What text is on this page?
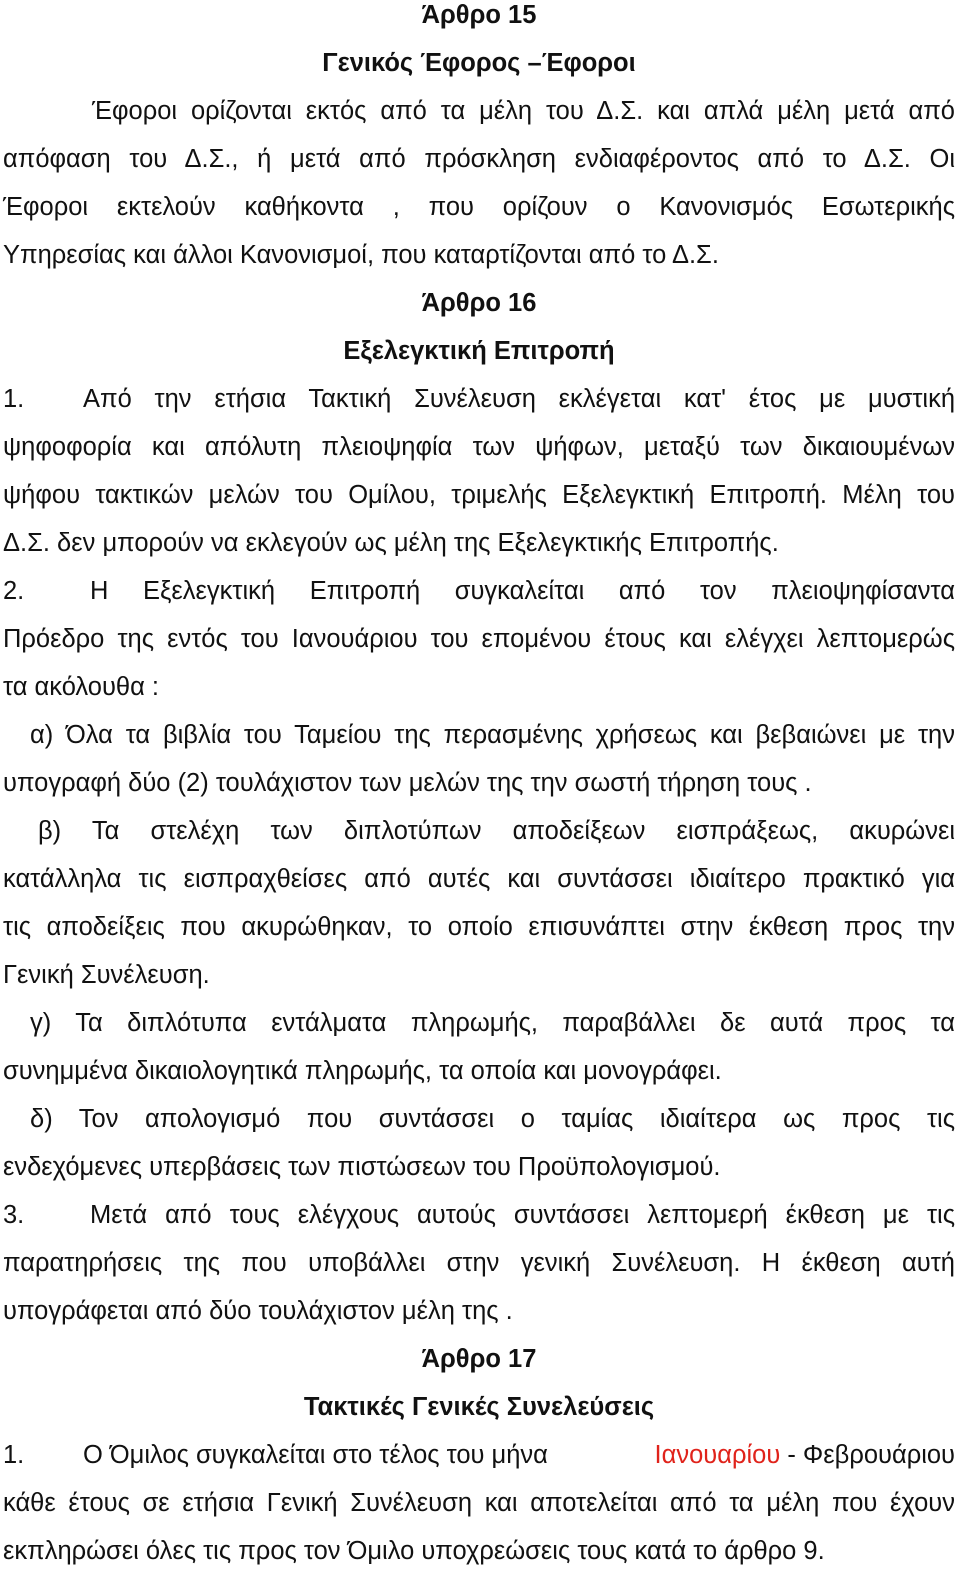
Άρθρο 15
Γενικός Έφορος –Έφοροι
Έφοροι ορίζονται εκτός από τα μέλη του Δ.Σ. και απλά μέλη μετά από
απόφαση του Δ.Σ., ή μετά από πρόσκληση ενδιαφέροντος από το Δ.Σ. Οι
Έφοροι εκτελούν καθήκοντα , που ορίζουν ο Κανονισμός Εσωτερικής
Υπηρεσίας και άλλοι Κανονισμοί, που καταρτίζονται από το Δ.Σ.
Άρθρο 16
Εξελεγκτική Επιτροπή
1.	Από την ετήσια Τακτική Συνέλευση εκλέγεται κατ' έτος με μυστική
ψηφοφορία και απόλυτη πλειοψηφία των ψήφων, μεταξύ των δικαιουμένων
ψήφου τακτικών μελών του Ομίλου, τριμελής Εξελεγκτική Επιτροπή. Μέλη του
Δ.Σ. δεν μπορούν να εκλεγούν ως μέλη της Εξελεγκτικής Επιτροπής.
2.	Η Εξελεγκτική Επιτροπή συγκαλείται από τον πλειοψηφίσαντα
Πρόεδρο της εντός του Ιανουάριου του επομένου έτους και ελέγχει λεπτομερώς
τα ακόλουθα :
α) Όλα τα βιβλία του Ταμείου της περασμένης χρήσεως και βεβαιώνει με την
υπογραφή δύο (2) τουλάχιστον των μελών της την σωστή τήρηση τους .
β) Τα στελέχη των διπλοτύπων αποδείξεων εισπράξεως, ακυρώνει
κατάλληλα τις εισπραχθείσες από αυτές και συντάσσει ιδιαίτερο πρακτικό για
τις αποδείξεις που ακυρώθηκαν, το οποίο επισυνάπτει στην έκθεση προς την
Γενική Συνέλευση.
γ) Τα διπλότυπα εντάλματα πληρωμής, παραβάλλει δε αυτά προς τα
συνημμένα δικαιολογητικά πληρωμής, τα οποία και μονογράφει.
δ) Τον απολογισμό που συντάσσει ο ταμίας ιδιαίτερα ως προς τις
ενδεχόμενες υπερβάσεις των πιστώσεων του Προϋπολογισμού.
3.	Μετά από τους ελέγχους αυτούς συντάσσει λεπτομερή έκθεση με τις
παρατηρήσεις της που υποβάλλει στην γενική Συνέλευση. Η έκθεση αυτή
υπογράφεται από δύο τουλάχιστον μέλη της .
Άρθρο 17
Τακτικές Γενικές Συνελεύσεις
1.	Ο Όμιλος συγκαλείται στο τέλος του μήνα	Ιανουαρίου - Φεβρουάριου
κάθε έτους σε ετήσια Γενική Συνέλευση και αποτελείται από τα μέλη που έχουν
εκπληρώσει όλες τις προς τον Όμιλο υποχρεώσεις τους κατά το άρθρο 9.
